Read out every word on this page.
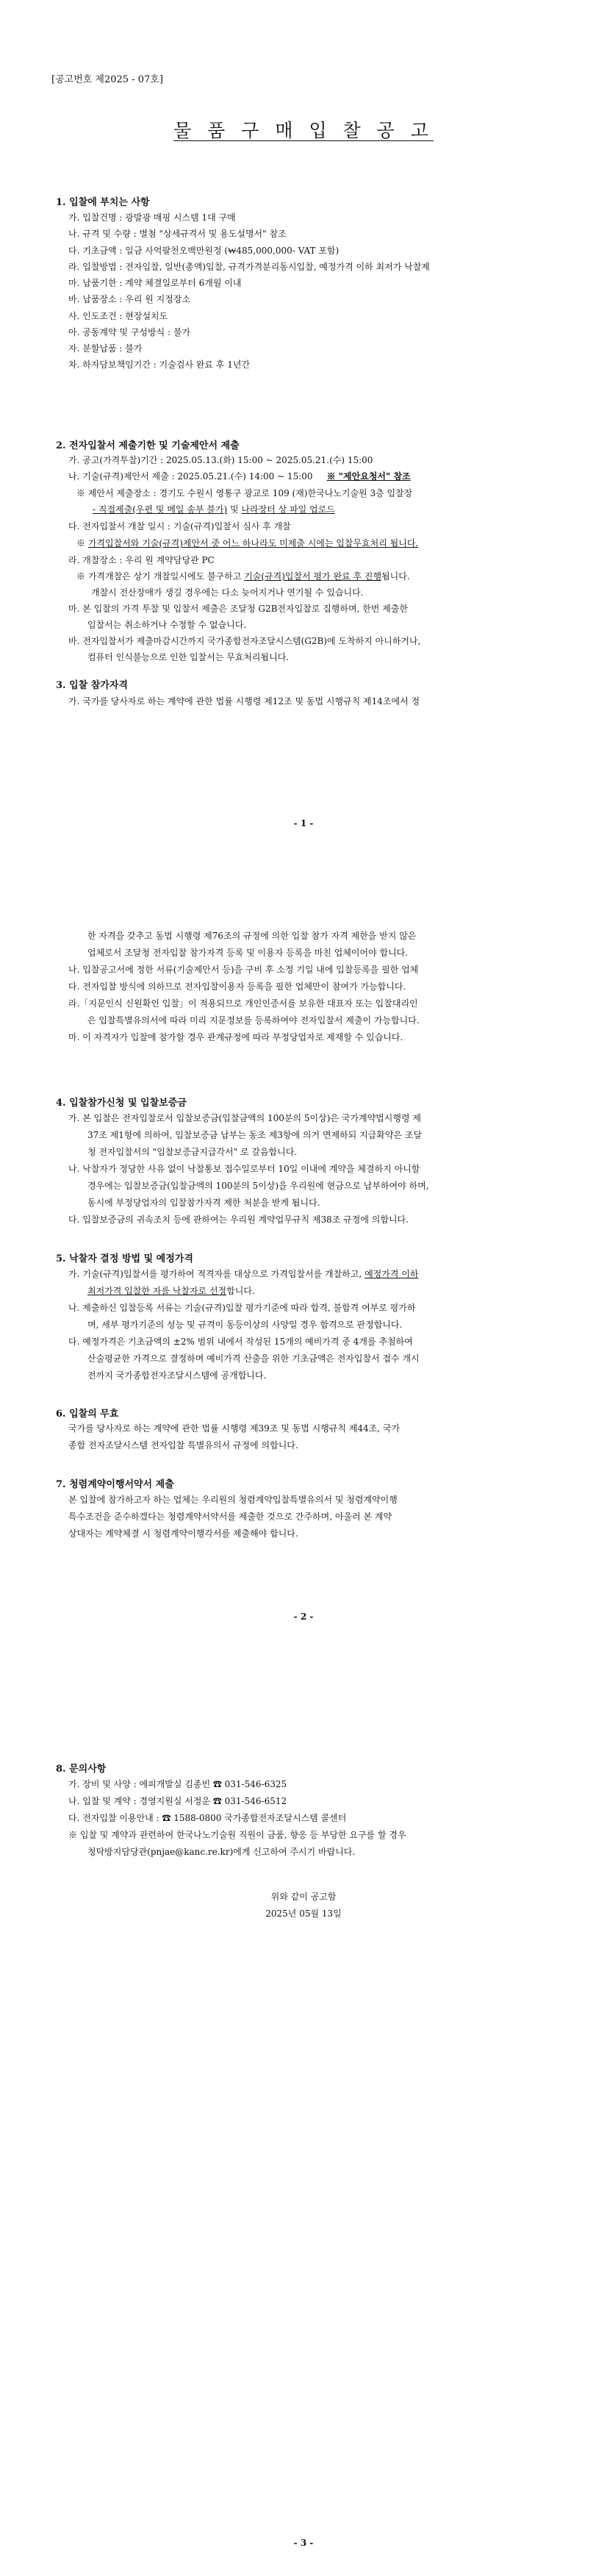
[공고번호 제2025 - 07호]
물 품 구 매 입 찰 공 고
1. 입찰에 부치는 사항
가. 입찰건명 : 광발광 매핑 시스템 1대 구매
나. 규격 및 수량 : 별첨 "상세규격서 및 용도설명서" 참조
다. 기초금액 : 일금 사억팔천오백만원정 (₩485,000,000- VAT 포함)
라. 입찰방법 : 전자입찰, 일반(총액)입찰, 규격가격분리동시입찰, 예정가격 이하 최저가 낙찰제
마. 납품기한 : 계약 체결일로부터 6개월 이내
바. 납품장소 : 우리 원 지정장소
사. 인도조건 : 현장설치도
아. 공동계약 및 구성방식 : 불가
자. 분할납품 : 불가
차. 하자담보책임기간 : 기술검사 완료 후 1년간
2. 전자입찰서 제출기한 및 기술제안서 제출
가. 공고(가격투찰)기간 : 2025.05.13.(화) 15:00 ~ 2025.05.21.(수) 15:00
나. 기술(규격)제안서 제출 : 2025.05.21.(수) 14:00 ~ 15:00 ※ "제안요청서" 참조
※ 제안서 제출장소 : 경기도 수원시 영통구 광교로 109 (재)한국나노기술원 3층 입찰장
- 직접제출(우편 및 메일 송부 불가) 및 나라장터 상 파일 업로드
다. 전자입찰서 개찰 일시 : 기술(규격)입찰서 심사 후 개찰
※ 가격입찰서와 기술(규격)제안서 중 어느 하나라도 미제출 시에는 입찰무효처리 됩니다.
라. 개찰장소 : 우리 원 계약담당관 PC
※ 가격개찰은 상기 개찰일시에도 불구하고 기술(규격)입찰서 평가 완료 후 진행됩니다.
개찰시 전산장애가 생길 경우에는 다소 늦어지거나 연기될 수 있습니다.
마. 본 입찰의 가격 투찰 및 입찰서 제출은 조달청 G2B전자입찰로 집행하며, 한번 제출한
입찰서는 취소하거나 수정할 수 없습니다.
바. 전자입찰서가 제출마감시간까지 국가종합전자조달시스템(G2B)에 도착하지 아니하거나,
컴퓨터 인식불능으로 인한 입찰서는 무효처리됩니다.
3. 입찰 참가자격
가. 국가를 당사자로 하는 계약에 관한 법률 시행령 제12조 및 동법 시행규칙 제14조에서 정
- 1 -
한 자격을 갖추고 동법 시행령 제76조의 규정에 의한 입찰 참가 자격 제한을 받지 않은
업체로서 조달청 전자입찰 참가자격 등록 및 이용자 등록을 마친 업체이어야 합니다.
나. 입찰공고서에 정한 서류(기술제안서 등)을 구비 후 소정 기일 내에 입찰등록을 필한 업체
다. 전자입찰 방식에 의하므로 전자입찰이용자 등록을 필한 업체만이 참여가 가능합니다.
라.「지문인식 신원확인 입찰」이 적용되므로 개인인증서를 보유한 대표자 또는 입찰대리인
은 입찰특별유의서에 따라 미리 지문정보를 등록하여야 전자입찰서 제출이 가능합니다.
마. 이 자격자가 입찰에 참가할 경우 관계규정에 따라 부정당업자로 제재할 수 있습니다.
4. 입찰참가신청 및 입찰보증금
가. 본 입찰은 전자입찰로서 입찰보증금(입찰금액의 100분의 5이상)은 국가계약법시행령 제
37조 제1항에 의하여, 입찰보증금 납부는 동조 제3항에 의거 면제하되 지급확약은 조달
청 전자입찰서의 "입찰보증금지급각서" 로 갈음합니다.
나. 낙찰자가 정당한 사유 없이 낙찰통보 접수일로부터 10일 이내에 계약을 체결하지 아니할
경우에는 입찰보증금(입찰금액의 100분의 5이상)을 우리원에 현금으로 납부하여야 하며,
동시에 부정당업자의 입찰참가자격 제한 처분을 받게 됩니다.
다. 입찰보증금의 귀속조치 등에 관하여는 우리원 계약업무규칙 제38조 규정에 의합니다.
5. 낙찰자 결정 방법 및 예정가격
가. 기술(규격)입찰서를 평가하여 적격자를 대상으로 가격입찰서를 개찰하고, 예정가격 이하
최저가격 입찰한 자를 낙찰자로 선정합니다.
나. 제출하신 입찰등록 서류는 기술(규격)입찰 평가기준에 따라 합격, 불합격 여부로 평가하
며, 세부 평가기준의 성능 및 규격이 동등이상의 사양일 경우 합격으로 판정합니다.
다. 예정가격은 기초금액의 ±2% 범위 내에서 작성된 15개의 예비가격 중 4개를 추첨하여
산술평균한 가격으로 결정하며 예비가격 산출을 위한 기초금액은 전자입찰서 접수 개시
전까지 국가종합전자조달시스템에 공개합니다.
6. 입찰의 무효
국가를 당사자로 하는 계약에 관한 법률 시행령 제39조 및 동법 시행규칙 제44조, 국가
종합 전자조달시스템 전자입찰 특별유의서 규정에 의합니다.
7. 청렴계약이행서약서 제출
본 입찰에 참가하고자 하는 업체는 우리원의 청렴계약입찰특별유의서 및 청렴계약이행
특수조건을 준수하겠다는 청렴계약서약서를 제출한 것으로 간주하며, 아울러 본 계약
상대자는 계약체결 시 청렴계약이행각서를 제출해야 합니다.
- 2 -
8. 문의사항
가. 장비 및 사양 : 에피개발실 김종빈 ☎ 031-546-6325
나. 입찰 및 계약 : 경영지원실 서정운 ☎ 031-546-6512
다. 전자입찰 이용안내 : ☎ 1588-0800 국가종합전자조달시스템 콜센터
※ 입찰 및 계약과 관련하여 한국나노기술원 직원이 금품, 향응 등 부당한 요구를 할 경우
청탁방지담당관(pnjae@kanc.re.kr)에게 신고하여 주시기 바랍니다.
위와 같이 공고함
2025년 05월 13일
- 3 -
